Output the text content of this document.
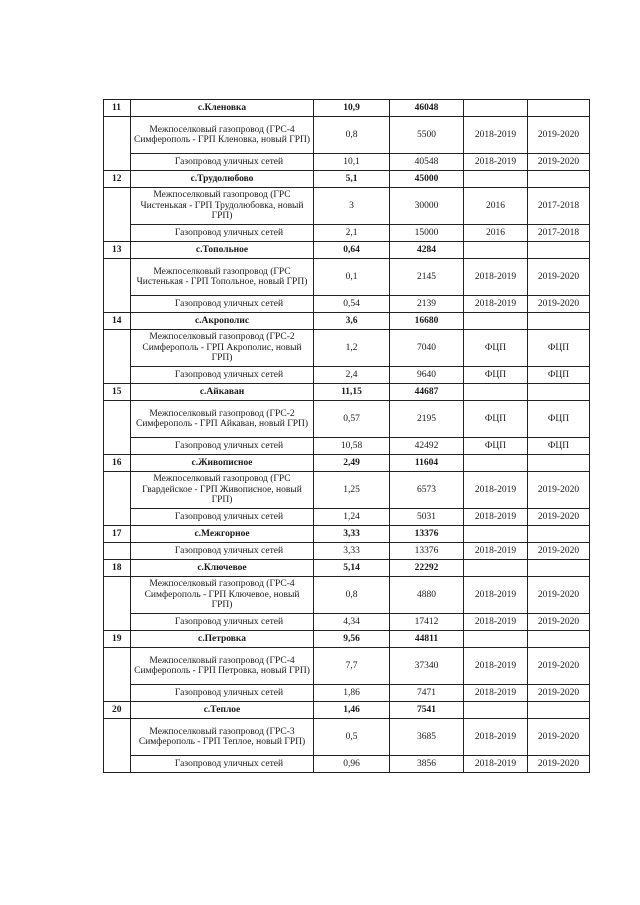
11	с.Кленовка	10,9	46048		
	Межпоселковый газопровод (ГРС-4 Симферополь - ГРП Кленовка, новый ГРП)	0,8	5500	2018-2019	2019-2020
	Газопровод уличных сетей	10,1	40548	2018-2019	2019-2020
12	с.Трудолюбово	5,1	45000		
	Межпоселковый газопровод (ГРС Чистенькая - ГРП Трудолюбовка, новый ГРП)	3	30000	2016	2017-2018
	Газопровод уличных сетей	2,1	15000	2016	2017-2018
13	с.Топольное	0,64	4284		
	Межпоселковый газопровод (ГРС Чистенькая - ГРП Топольное, новый ГРП)	0,1	2145	2018-2019	2019-2020
	Газопровод уличных сетей	0,54	2139	2018-2019	2019-2020
14	с.Акрополис	3,6	16680		
	Межпоселковый газопровод (ГРС-2 Симферополь - ГРП Акрополис, новый ГРП)	1,2	7040	ФЦП	ФЦП
	Газопровод уличных сетей	2,4	9640	ФЦП	ФЦП
15	с.Айкаван	11,15	44687		
	Межпоселковый газопровод (ГРС-2 Симферополь - ГРП Айкаван, новый ГРП)	0,57	2195	ФЦП	ФЦП
	Газопровод уличных сетей	10,58	42492	ФЦП	ФЦП
16	с.Живописное	2,49	11604		
	Межпоселковый газопровод (ГРС Гвардейское - ГРП Живописное, новый ГРП)	1,25	6573	2018-2019	2019-2020
	Газопровод уличных сетей	1,24	5031	2018-2019	2019-2020
17	с.Межгорное	3,33	13376		
	Газопровод уличных сетей	3,33	13376	2018-2019	2019-2020
18	с.Ключевое	5,14	22292		
	Межпоселковый газопровод (ГРС-4 Симферополь - ГРП Ключевое, новый ГРП)	0,8	4880	2018-2019	2019-2020
	Газопровод уличных сетей	4,34	17412	2018-2019	2019-2020
19	с.Петровка	9,56	44811		
	Межпоселковый газопровод (ГРС-4 Симферополь - ГРП Петровка, новый ГРП)	7,7	37340	2018-2019	2019-2020
	Газопровод уличных сетей	1,86	7471	2018-2019	2019-2020
20	с.Теплое	1,46	7541		
	Межпоселковый газопровод (ГРС-3 Симферополь - ГРП Теплое, новый ГРП)	0,5	3685	2018-2019	2019-2020
	Газопровод уличных сетей	0,96	3856	2018-2019	2019-2020
